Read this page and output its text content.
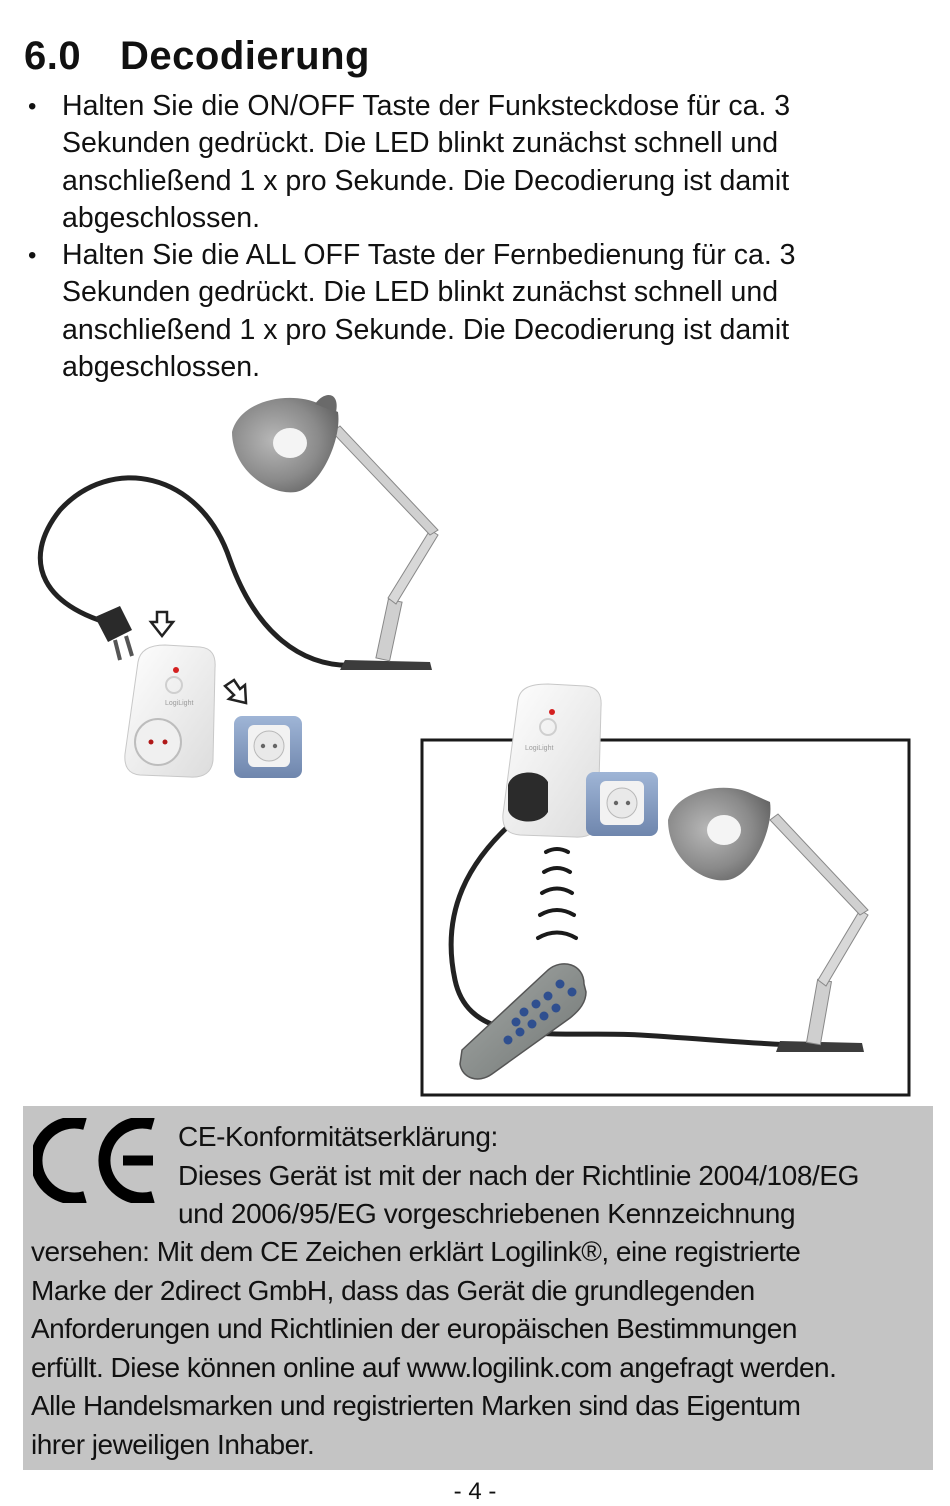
6.0 Decodierung
• Halten Sie die ON/OFF Taste der Funksteckdose für ca. 3 Sekunden gedrückt. Die LED blinkt zunächst schnell und anschließend 1 x pro Sekunde. Die Decodierung ist damit abgeschlossen.
• Halten Sie die ALL OFF Taste der Fernbedienung für ca. 3 Sekunden gedrückt. Die LED blinkt zunächst schnell und anschließend 1 x pro Sekunde. Die Decodierung ist damit abgeschlossen.
LogiLight
LogiLight
CE-Konformitätserklärung:
Dieses Gerät ist mit der nach der Richtlinie 2004/108/EG
und 2006/95/EG vorgeschriebenen Kennzeichnung
versehen: Mit dem CE Zeichen erklärt Logilink®, eine registrierte
Marke der 2direct GmbH, dass das Gerät die grundlegenden
Anforderungen und Richtlinien der europäischen Bestimmungen
erfüllt. Diese können online auf www.logilink.com angefragt werden.
Alle Handelsmarken und registrierten Marken sind das Eigentum
ihrer jeweiligen Inhaber.
- 4 -
